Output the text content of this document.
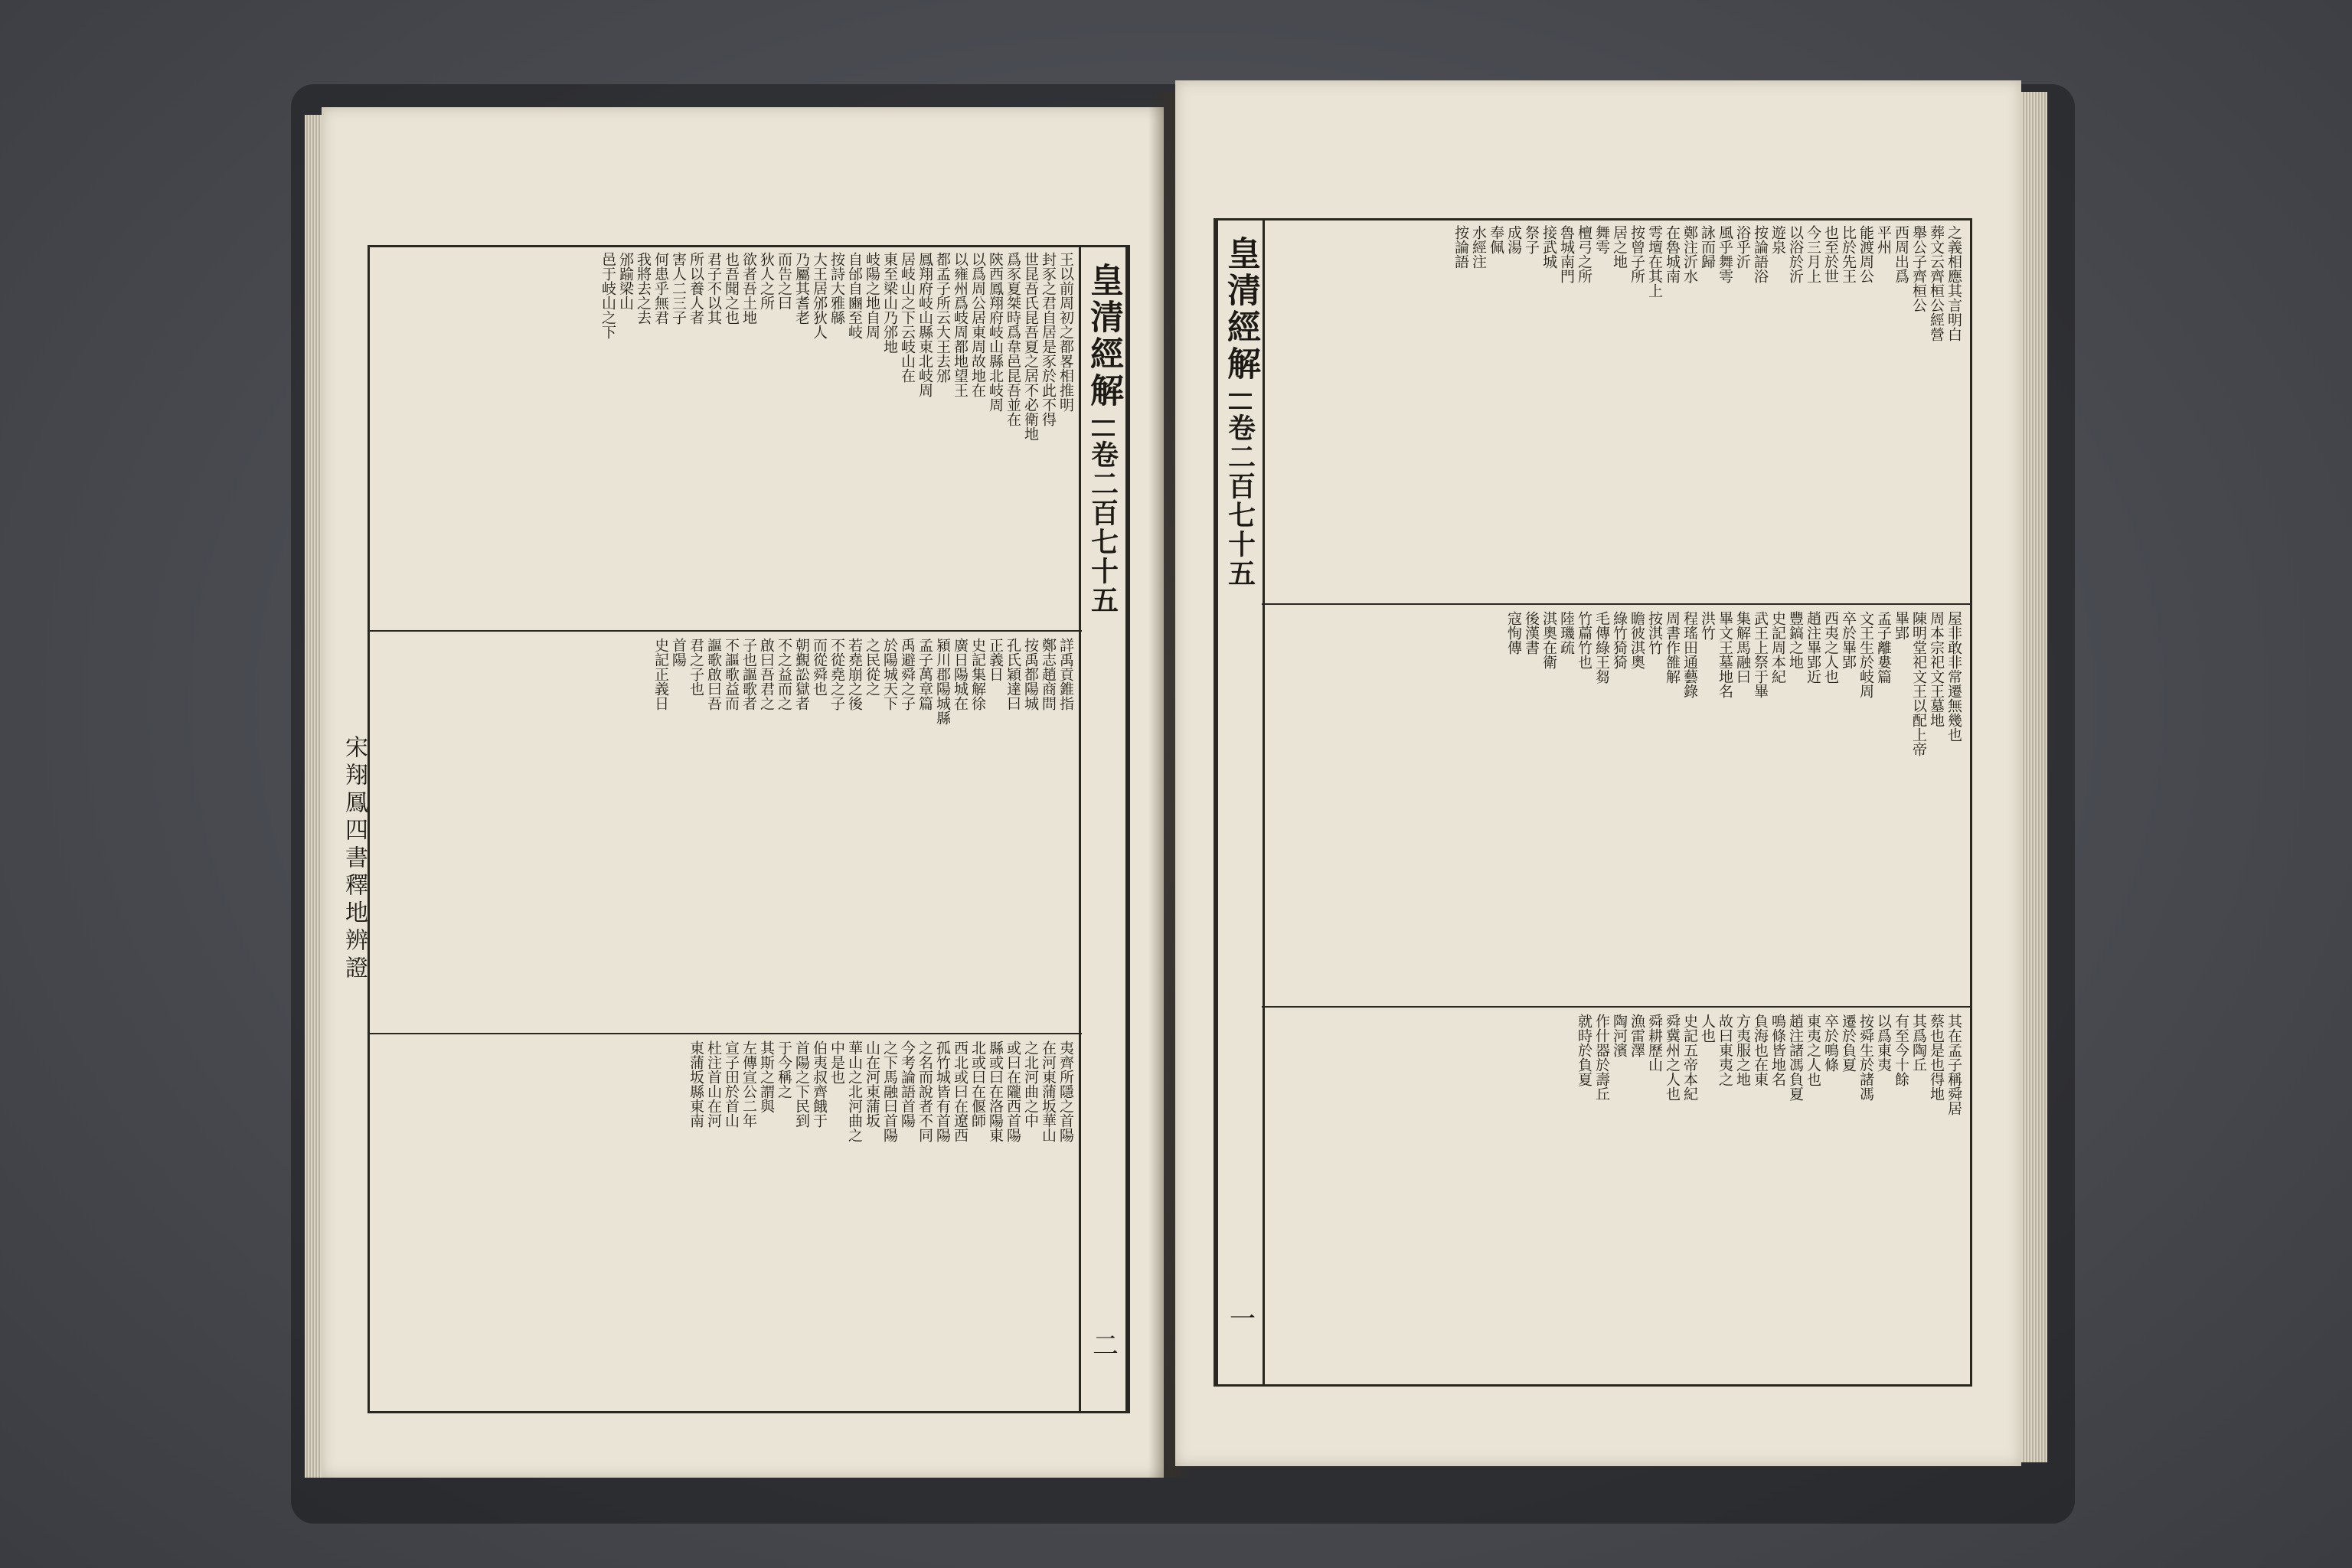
皇清經解
卷二百七十五
二
王以前周初之都畧相推明
封豕之君自居是豕於此不得
世昆吾氏昆吾夏之居不必衛地
爲豕夏桀時爲韋邑昆吾並在
陝西鳳翔府岐山縣北岐周
以爲周公居東周故地在
以雍州爲岐周都地望王
都孟子所云大王去邠
鳳翔府岐山縣東北岐周
居岐山之下云岐山在
東至梁山乃邠地
岐陽之地自周
自邰自豳至岐
按詩大雅緜
大王居邠狄人
乃屬其耆老
而告之曰
狄人之所
欲者吾土地
也吾聞之也
君子不以其
所以養人者
害人二三子
何患乎無君
我將去之去
邠踰梁山
邑于岐山之下
詳禹貢錐指
鄭志趙商問
按禹都陽城
孔氏穎達曰
正義日
史記集解徐
廣日陽城在
潁川郡陽城縣
孟子萬章篇
禹避舜之子
於陽城天下
之民從之
若堯崩之後
不從堯之子
而從舜也
朝覲訟獄者
不之益而之
啟曰吾君之
子也謳歌者
不謳歌益而
謳歌啟曰吾
君之子也
首陽
史記正義日
夷齊所隱之首陽
在河東蒲坂華山
之北河曲之中
或曰在隴西首陽
縣或曰在洛陽東
北或曰在偃師
西北或曰在遼西
孤竹城皆有首陽
之名而說者不同
今考論語首陽
之下馬融曰首陽
山在河東蒲坂
華山之北河曲之
中是也
伯夷叔齊餓于
首陽之下民到
于今稱之
其斯之謂與
左傳宣公二年
宣子田於首山
杜注首山在河
東蒲坂縣東南
宋翔鳳四書釋地辨證
皇清經解
卷二百七十五
一
之義相應其言明白
葬文云齊桓公經營
舉公子齊桓公
西周出爲
平州
能渡周公
比於先王
也至於世
今三月上
以浴於沂
遊泉
按論語浴
浴乎沂
風乎舞雩
詠而歸
鄭注沂水
在魯城南
雩壇在其上
按曾子所
居之地
舞雩
檀弓之所
魯城南門
接武城
祭子
成湯
奉佩
水經注
按論語
屋非敢非常遷無幾也
周本宗祀文王墓地
陳明堂祀文王以配上帝
畢郢
孟子離婁篇
文王生於岐周
卒於畢郢
西夷之人也
趙注畢郢近
豐鎬之地
史記周本紀
武王上祭于畢
集解馬融曰
畢文王墓地名
洪竹
程瑤田通藝錄
周書作雒解
按淇竹
瞻彼淇奧
綠竹猗猗
毛傳綠王芻
竹萹竹也
陸璣疏
淇奧在衛
後漢書
寇恂傳
其在孟子稱舜居
蔡也是也得地
其爲陶丘
有至今十餘
以爲東夷
按舜生於諸馮
遷於負夏
卒於鳴條
東夷之人也
趙注諸馮負夏
鳴條皆地名
負海也在東
方夷服之地
故曰東夷之
人也
史記五帝本紀
舜冀州之人也
舜耕歷山
漁雷澤
陶河濱
作什器於壽丘
就時於負夏
